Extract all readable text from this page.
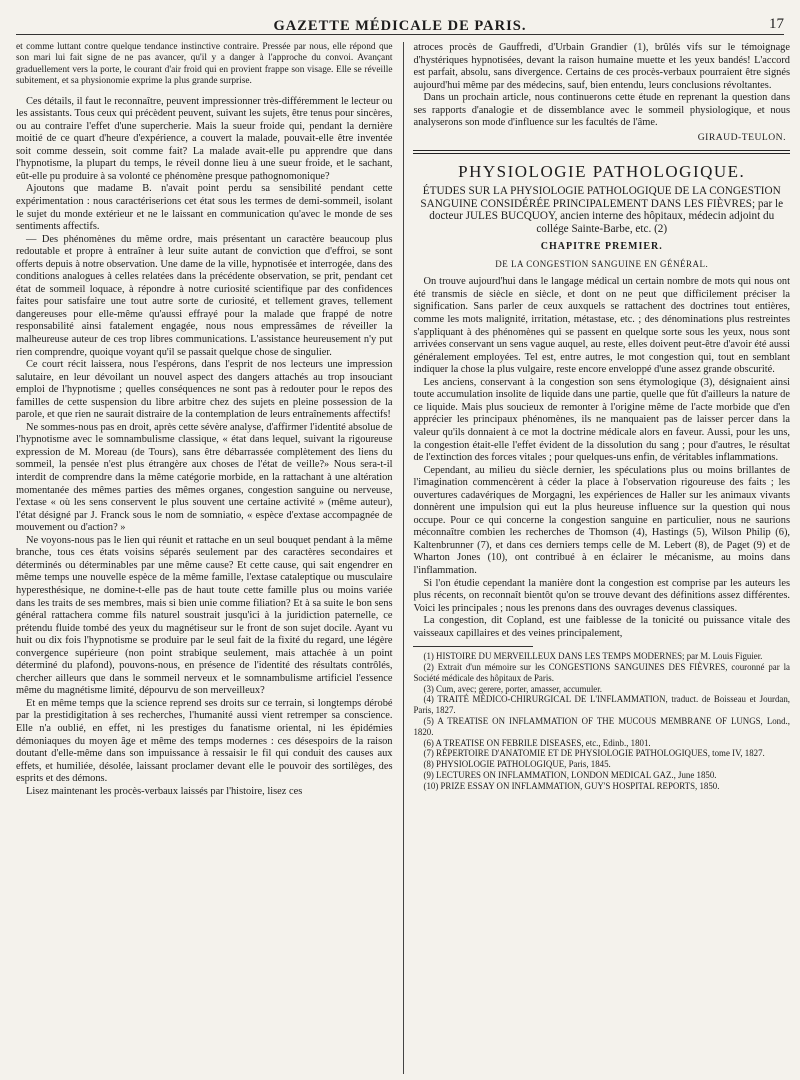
GAZETTE MÉDICALE DE PARIS.	17

et comme luttant contre quelque tendance instinctive contraire. Pressée par nous, elle répond que son mari lui fait signe de ne pas avancer, qu'il y a danger à l'approche du convoi. Avançant graduellement vers la porte, le courant d'air froid qui en provient frappe son visage. Elle se réveille subitement, et sa physionomie exprime la plus grande surprise.

Ces détails, il faut le reconnaître, peuvent impressionner très-différemment le lecteur ou les assistants. Tous ceux qui précèdent peuvent, suivant les sujets, être tenus pour sincères, ou au contraire l'effet d'une supercherie. Mais la sueur froide qui, pendant la dernière moitié de ce quart d'heure d'expérience, a couvert la malade, pouvait-elle être inventée soit comme dessein, soit comme fait? La malade avait-elle pu apprendre que dans l'hypnotisme, la plupart du temps, le réveil donne lieu à une sueur froide, et le sachant, eût-elle pu produire à sa volonté ce phénomène presque pathognomonique?

Ajoutons que madame B. n'avait point perdu sa sensibilité pendant cette expérimentation : nous caractériserions cet état sous les termes de demi-sommeil, isolant le sujet du monde extérieur et ne le laissant en communication qu'avec le monde de ses sentiments affectifs.

— Des phénomènes du même ordre, mais présentant un caractère beaucoup plus redoutable et propre à entraîner à leur suite autant de conviction que d'effroi, se sont offerts depuis à notre observation. Une dame de la ville, hypnotisée et interrogée, dans des conditions analogues à celles relatées dans la précédente observation, se prit, pendant cet état de sommeil loquace, à répondre à notre curiosité scientifique par des confidences faites pour satisfaire une tout autre sorte de curiosité, et tellement graves, tellement dangereuses pour elle-même qu'aussi effrayé pour la malade que frappé de notre responsabilité ainsi fatalement engagée, nous nous empressâmes de réveiller la malheureuse auteur de ces trop libres communications. L'assistance heureusement n'y put rien comprendre, quoique voyant qu'il se passait quelque chose de singulier.

Ce court récit laissera, nous l'espérons, dans l'esprit de nos lecteurs une impression salutaire, en leur dévoilant un nouvel aspect des dangers attachés au trop insouciant emploi de l'hypnotisme ; quelles conséquences ne sont pas à redouter pour le repos des familles de cette suspension du libre arbitre chez des sujets en pleine possession de la parole, et que rien ne saurait distraire de la contemplation de leurs entraînements affectifs!

Ne sommes-nous pas en droit, après cette sévère analyse, d'affirmer l'identité absolue de l'hypnotisme avec le somnambulisme classique, « état dans lequel, suivant la rigoureuse expression de M. Moreau (de Tours), sans être débarrassée complètement des liens du sommeil, la pensée n'est plus étrangère aux choses de l'état de veille?» Nous sera-t-il interdit de comprendre dans la même catégorie morbide, en la rattachant à une altération momentanée des mêmes parties des mêmes organes, congestion sanguine ou nerveuse, l'extase « où les sens conservent le plus souvent une certaine activité » (même auteur), l'état désigné par J. Franck sous le nom de somniatio, « espèce d'extase accompagnée de mouvement ou d'action? »

Ne voyons-nous pas le lien qui réunit et rattache en un seul bouquet pendant à la même branche, tous ces états voisins séparés seulement par des caractères secondaires et déterminés ou déterminables par une même cause? Et cette cause, qui sait engendrer en même temps une nouvelle espèce de la même famille, l'extase cataleptique ou musculaire hyperesthésique, ne domine-t-elle pas de haut toute cette famille plus ou moins variée dans les traits de ses membres, mais si bien unie comme filiation? Et à sa suite le bon sens général rattachera comme fils naturel soustrait jusqu'ici à la juridiction paternelle, ce prétendu fluide tombé des yeux du magnétiseur sur le front de son sujet docile. Ayant vu huit ou dix fois l'hypnotisme se produire par le seul fait de la fixité du regard, une légère convergence supérieure (non point strabique seulement, mais attachée à un point déterminé du plafond), pouvons-nous, en présence de l'identité des résultats contrôlés, chercher ailleurs que dans le sommeil nerveux et le somnambulisme artificiel l'essence même du magnétisme limité, dépourvu de son merveilleux?

Et en même temps que la science reprend ses droits sur ce terrain, si longtemps dérobé par la prestidigitation à ses recherches, l'humanité aussi vient retremper sa conscience. Elle n'a oublié, en effet, ni les prestiges du fanatisme oriental, ni les épidémies démoniaques du moyen âge et même des temps modernes : ces désespoirs de la raison doutant d'elle-même dans son impuissance à ressaisir le fil qui conduit des causes aux effets, et humiliée, désolée, laissant proclamer devant elle le pouvoir des sortilèges, des esprits et des démons.

Lisez maintenant les procès-verbaux laissés par l'histoire, lisez ces

atroces procès de Gauffredi, d'Urbain Grandier (1), brûlés vifs sur le témoignage d'hystériques hypnotisées, devant la raison humaine muette et les yeux bandés! L'accord est parfait, absolu, sans divergence. Certains de ces procès-verbaux pourraient être signés aujourd'hui même par des médecins, sauf, bien entendu, leurs conclusions révoltantes.

Dans un prochain article, nous continuerons cette étude en reprenant la question dans ses rapports d'analogie et de dissemblance avec le sommeil physiologique, et nous analyserons son mode d'influence sur les facultés de l'âme.

GIRAUD-TEULON.
PHYSIOLOGIE PATHOLOGIQUE.
ÉTUDES SUR LA PHYSIOLOGIE PATHOLOGIQUE DE LA CONGESTION SANGUINE CONSIDÉRÉE PRINCIPALEMENT DANS LES FIÈVRES; par le docteur JULES BUCQUOY, ancien interne des hôpitaux, médecin adjoint du collége Sainte-Barbe, etc. (2)
CHAPITRE PREMIER.
DE LA CONGESTION SANGUINE EN GÉNÉRAL.

On trouve aujourd'hui dans le langage médical un certain nombre de mots qui nous ont été transmis de siècle en siècle, et dont on ne peut que difficilement préciser la signification. Sans parler de ceux auxquels se rattachent des doctrines tout entières, comme les mots malignité, irritation, métastase, etc. ; des dénominations plus restreintes s'appliquant à des phénomènes qui se passent en quelque sorte sous les yeux, nous sont arrivées conservant un sens vague auquel, au reste, elles doivent peut-être d'avoir été aussi généralement employées. Tel est, entre autres, le mot congestion qui, tout en semblant indiquer la chose la plus vulgaire, reste encore enveloppé d'une assez grande obscurité.

Les anciens, conservant à la congestion son sens étymologique (3), désignaient ainsi toute accumulation insolite de liquide dans une partie, quelle que fût d'ailleurs la nature de ce liquide. Mais plus soucieux de remonter à l'origine même de l'acte morbide que d'en apprécier les principaux phénomènes, ils ne manquaient pas de laisser percer dans la valeur qu'ils donnaient à ce mot la doctrine médicale alors en faveur. Aussi, pour les uns, la congestion était-elle l'effet évident de la dissolution du sang ; pour d'autres, le résultat de l'extinction des forces vitales ; pour quelques-uns enfin, de véritables inflammations.

Cependant, au milieu du siècle dernier, les spéculations plus ou moins brillantes de l'imagination commencèrent à céder la place à l'observation rigoureuse des faits ; les ouvertures cadavériques de Morgagni, les expériences de Haller sur les animaux vivants donnèrent une impulsion qui eut la plus heureuse influence sur la question qui nous occupe. Pour ce qui concerne la congestion sanguine en particulier, nous ne saurions méconnaître combien les recherches de Thomson (4), Hastings (5), Wilson Philip (6), Kaltenbrunner (7), et dans ces derniers temps celle de M. Lebert (8), de Paget (9) et de Wharton Jones (10), ont contribué à en éclairer le mécanisme, au moins dans l'inflammation.

Si l'on étudie cependant la manière dont la congestion est comprise par les auteurs les plus récents, on reconnaît bientôt qu'on se trouve devant des définitions assez différentes. Voici les principales ; nous les prenons dans des ouvrages devenus classiques.

La congestion, dit Copland, est une faiblesse de la tonicité ou puissance vitale des vaisseaux capillaires et des veines principalement,

(1) HISTOIRE DU MERVEILLEUX DANS LES TEMPS MODERNES; par M. Louis Figuier.
(2) Extrait d'un mémoire sur les CONGESTIONS SANGUINES DES FIÈVRES, couronné par la Société médicale des hôpitaux de Paris.
(3) Cum, avec; gerere, porter, amasser, accumuler.
(4) TRAITÉ MÉDICO-CHIRURGICAL DE L'INFLAMMATION, traduct. de Boisseau et Jourdan, Paris, 1827.
(5) A TREATISE ON INFLAMMATION OF THE MUCOUS MEMBRANE OF LUNGS, Lond., 1820.
(6) A TREATISE ON FEBRILE DISEASES, etc., Edinb., 1801.
(7) RÉPERTOIRE D'ANATOMIE ET DE PHYSIOLOGIE PATHOLOGIQUES, tome IV, 1827.
(8) PHYSIOLOGIE PATHOLOGIQUE, Paris, 1845.
(9) LECTURES ON INFLAMMATION, LONDON MEDICAL GAZ., June 1850.
(10) PRIZE ESSAY ON INFLAMMATION, GUY'S HOSPITAL REPORTS, 1850.
